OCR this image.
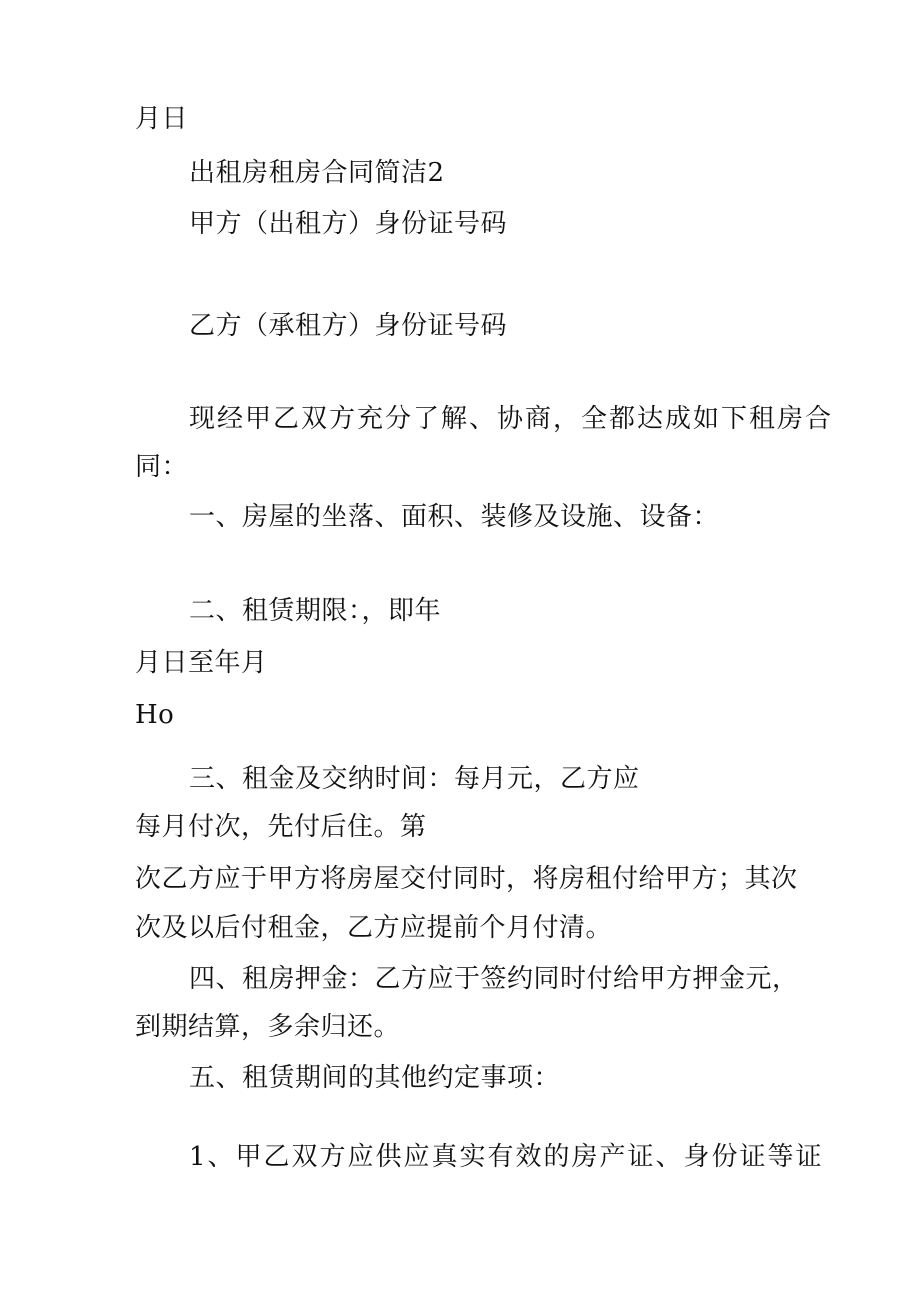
月日
出租房租房合同简洁2
甲方（出租方）身份证号码
乙方（承租方）身份证号码
现经甲乙双方充分了解、协商，全都达成如下租房合
同：
一、房屋的坐落、面积、装修及设施、设备：
二、租赁期限：，即年
月日至年月
Ho
三、租金及交纳时间：每月元，乙方应
每月付次，先付后住。第
次乙方应于甲方将房屋交付同时，将房租付给甲方；其次
次及以后付租金，乙方应提前个月付清。
四、租房押金：乙方应于签约同时付给甲方押金元，
到期结算，多余归还。
五、租赁期间的其他约定事项：
1、甲乙双方应供应真实有效的房产证、身份证等证
